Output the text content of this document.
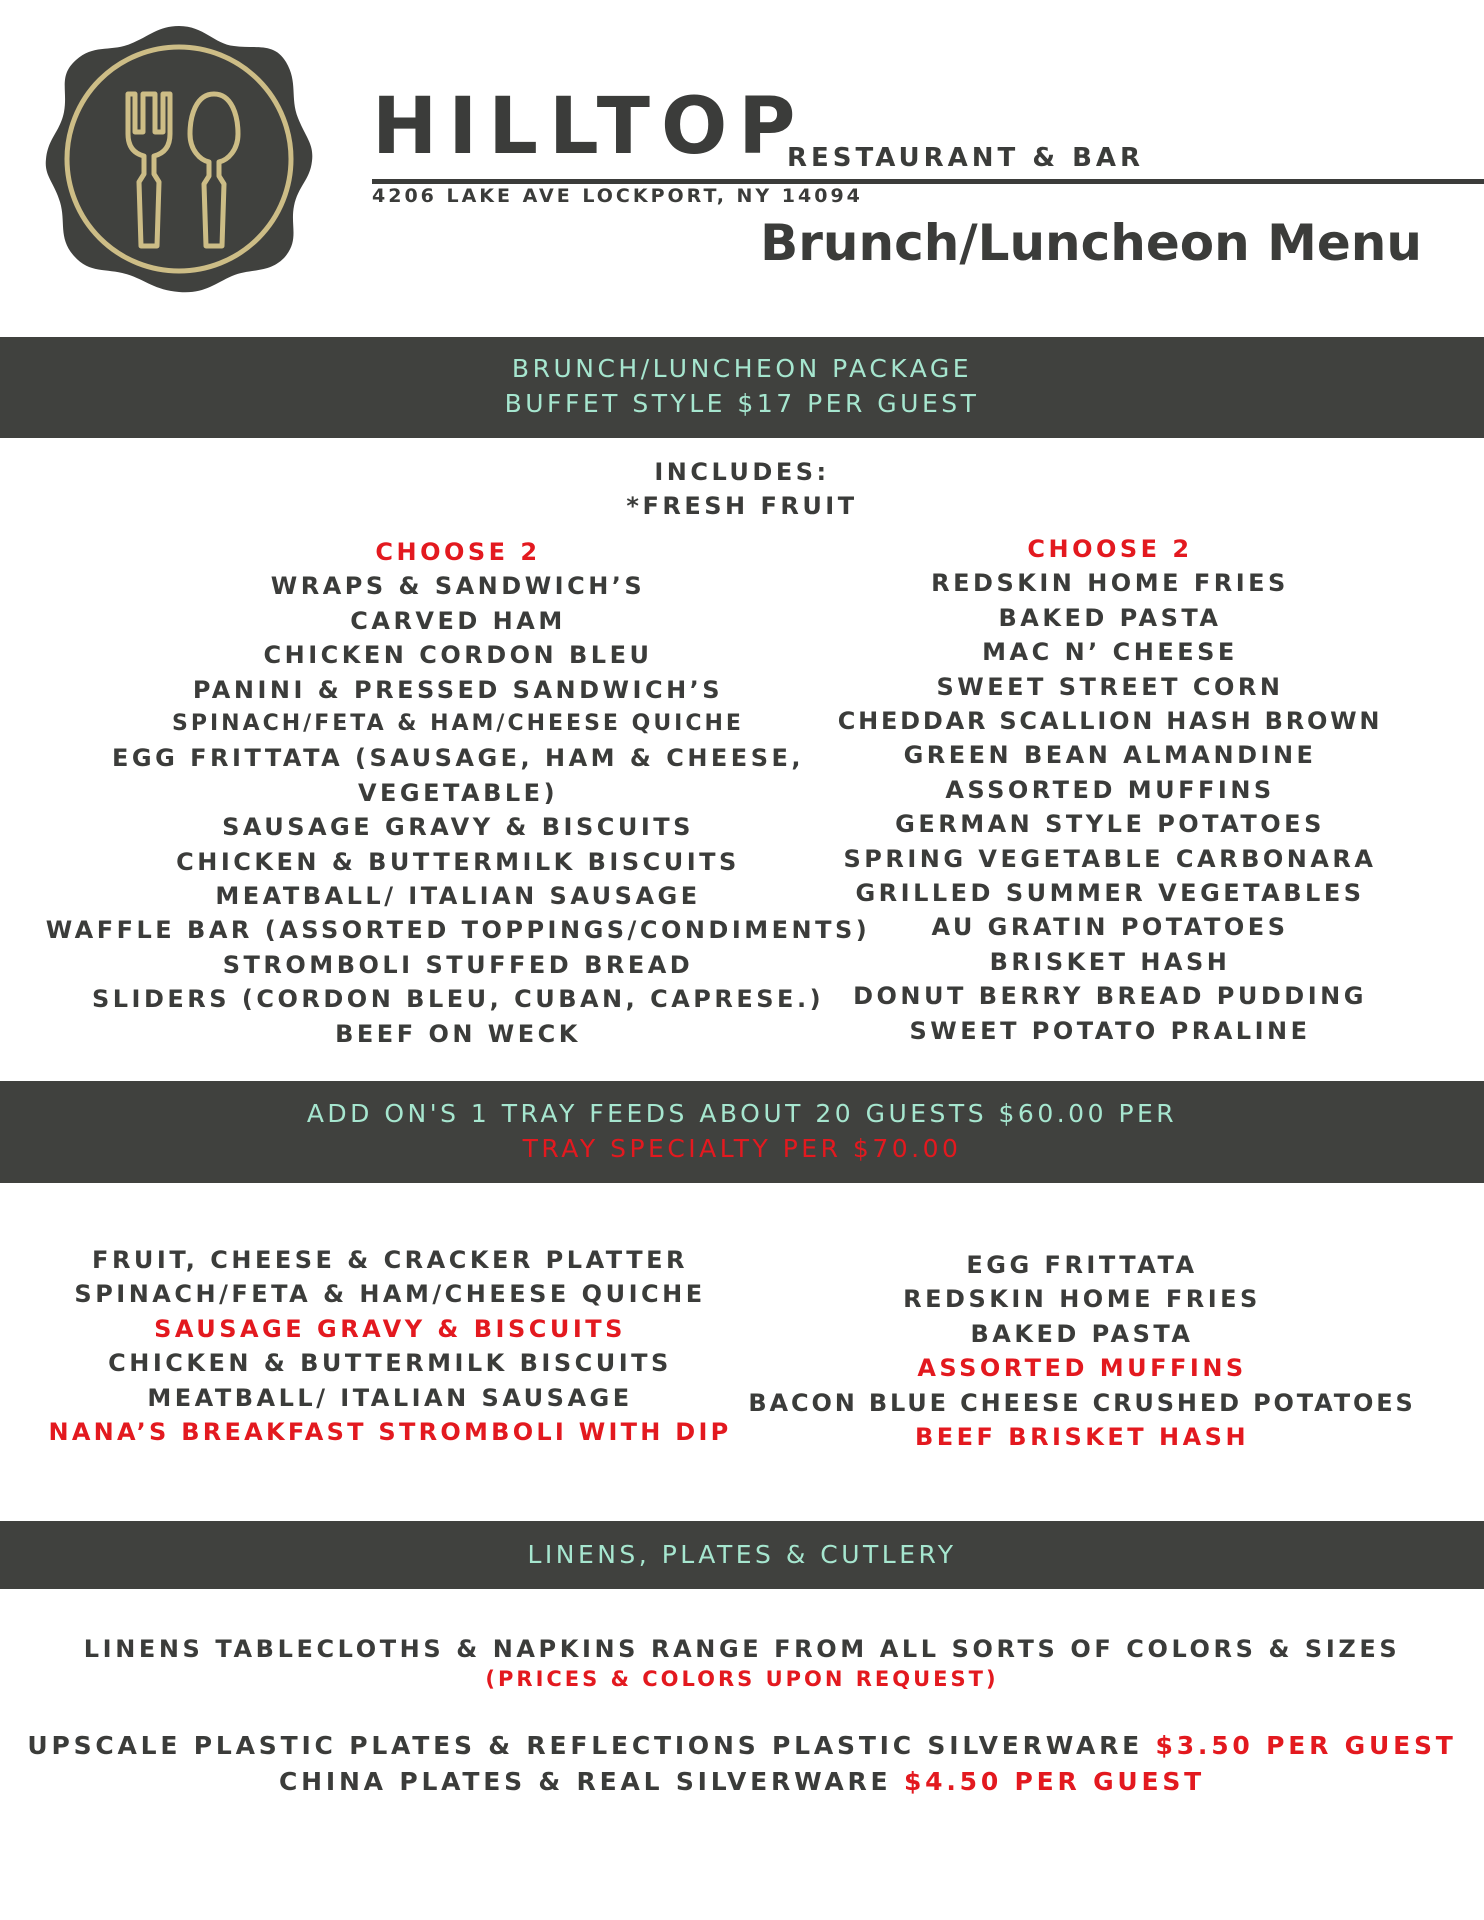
HILLTOP
RESTAURANT & BAR
4206 LAKE AVE LOCKPORT, NY 14094
Brunch/Luncheon Menu
BRUNCH/LUNCHEON PACKAGE
BUFFET STYLE $17 PER GUEST
INCLUDES:
*FRESH FRUIT
CHOOSE 2
WRAPS & SANDWICH’S
CARVED HAM
CHICKEN CORDON BLEU
PANINI & PRESSED SANDWICH’S
SPINACH/FETA & HAM/CHEESE QUICHE
EGG FRITTATA (SAUSAGE, HAM & CHEESE,
VEGETABLE)
SAUSAGE GRAVY & BISCUITS
CHICKEN & BUTTERMILK BISCUITS
MEATBALL/ ITALIAN SAUSAGE
WAFFLE BAR (ASSORTED TOPPINGS/CONDIMENTS)
STROMBOLI STUFFED BREAD
SLIDERS (CORDON BLEU, CUBAN, CAPRESE.)
BEEF ON WECK
CHOOSE 2
REDSKIN HOME FRIES
BAKED PASTA
MAC N’ CHEESE
SWEET STREET CORN
CHEDDAR SCALLION HASH BROWN
GREEN BEAN ALMANDINE
ASSORTED MUFFINS
GERMAN STYLE POTATOES
SPRING VEGETABLE CARBONARA
GRILLED SUMMER VEGETABLES
AU GRATIN POTATOES
BRISKET HASH
DONUT BERRY BREAD PUDDING
SWEET POTATO PRALINE
ADD ON'S 1 TRAY FEEDS ABOUT 20 GUESTS $60.00 PER
TRAY SPECIALTY PER $70.00
FRUIT, CHEESE & CRACKER PLATTER
SPINACH/FETA & HAM/CHEESE QUICHE
SAUSAGE GRAVY & BISCUITS
CHICKEN & BUTTERMILK BISCUITS
MEATBALL/ ITALIAN SAUSAGE
NANA’S BREAKFAST STROMBOLI WITH DIP
EGG FRITTATA
REDSKIN HOME FRIES
BAKED PASTA
ASSORTED MUFFINS
BACON BLUE CHEESE CRUSHED POTATOES
BEEF BRISKET HASH
LINENS, PLATES & CUTLERY
LINENS TABLECLOTHS & NAPKINS RANGE FROM ALL SORTS OF COLORS & SIZES
(PRICES & COLORS UPON REQUEST)
UPSCALE PLASTIC PLATES & REFLECTIONS PLASTIC SILVERWARE $3.50 PER GUEST
CHINA PLATES & REAL SILVERWARE $4.50 PER GUEST
